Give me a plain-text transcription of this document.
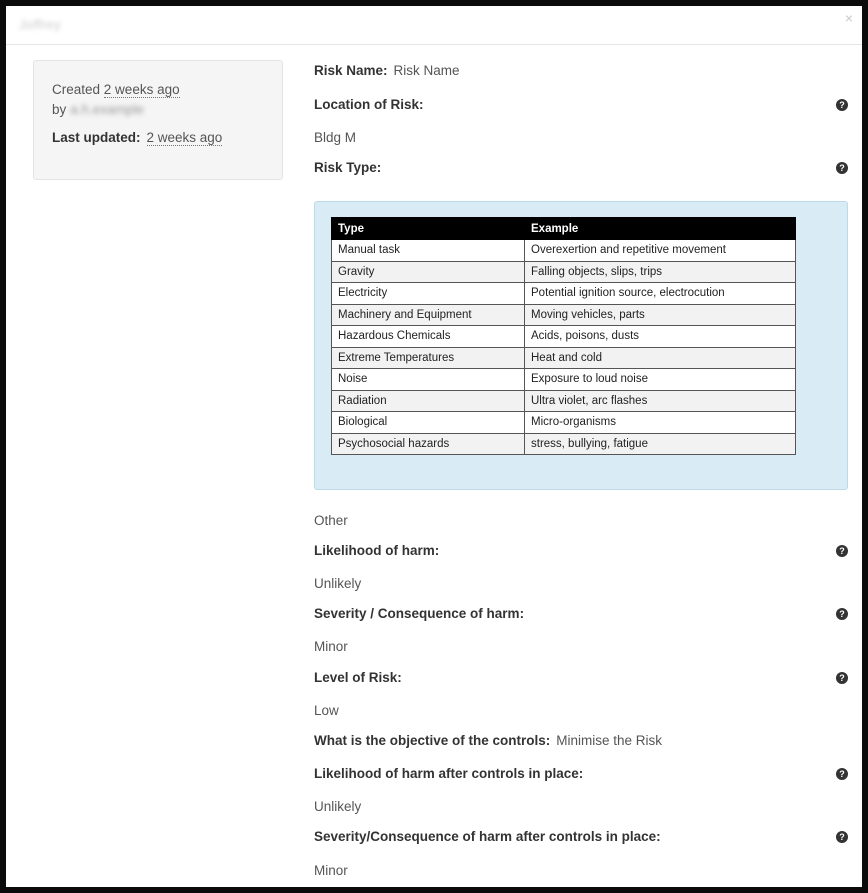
Joffrey	×
Created 2 weeks ago
by a.h.example
Last updated: 2 weeks ago
Risk Name: Risk Name
Location of Risk:	?
Bldg M
Risk Type:	?
Type	Example
Manual task	Overexertion and repetitive movement
Gravity	Falling objects, slips, trips
Electricity	Potential ignition source, electrocution
Machinery and Equipment	Moving vehicles, parts
Hazardous Chemicals	Acids, poisons, dusts
Extreme Temperatures	Heat and cold
Noise	Exposure to loud noise
Radiation	Ultra violet, arc flashes
Biological	Micro-organisms
Psychosocial hazards	stress, bullying, fatigue
Other
Likelihood of harm:	?
Unlikely
Severity / Consequence of harm:	?
Minor
Level of Risk:	?
Low
What is the objective of the controls: Minimise the Risk
Likelihood of harm after controls in place:	?
Unlikely
Severity/Consequence of harm after controls in place:	?
Minor
